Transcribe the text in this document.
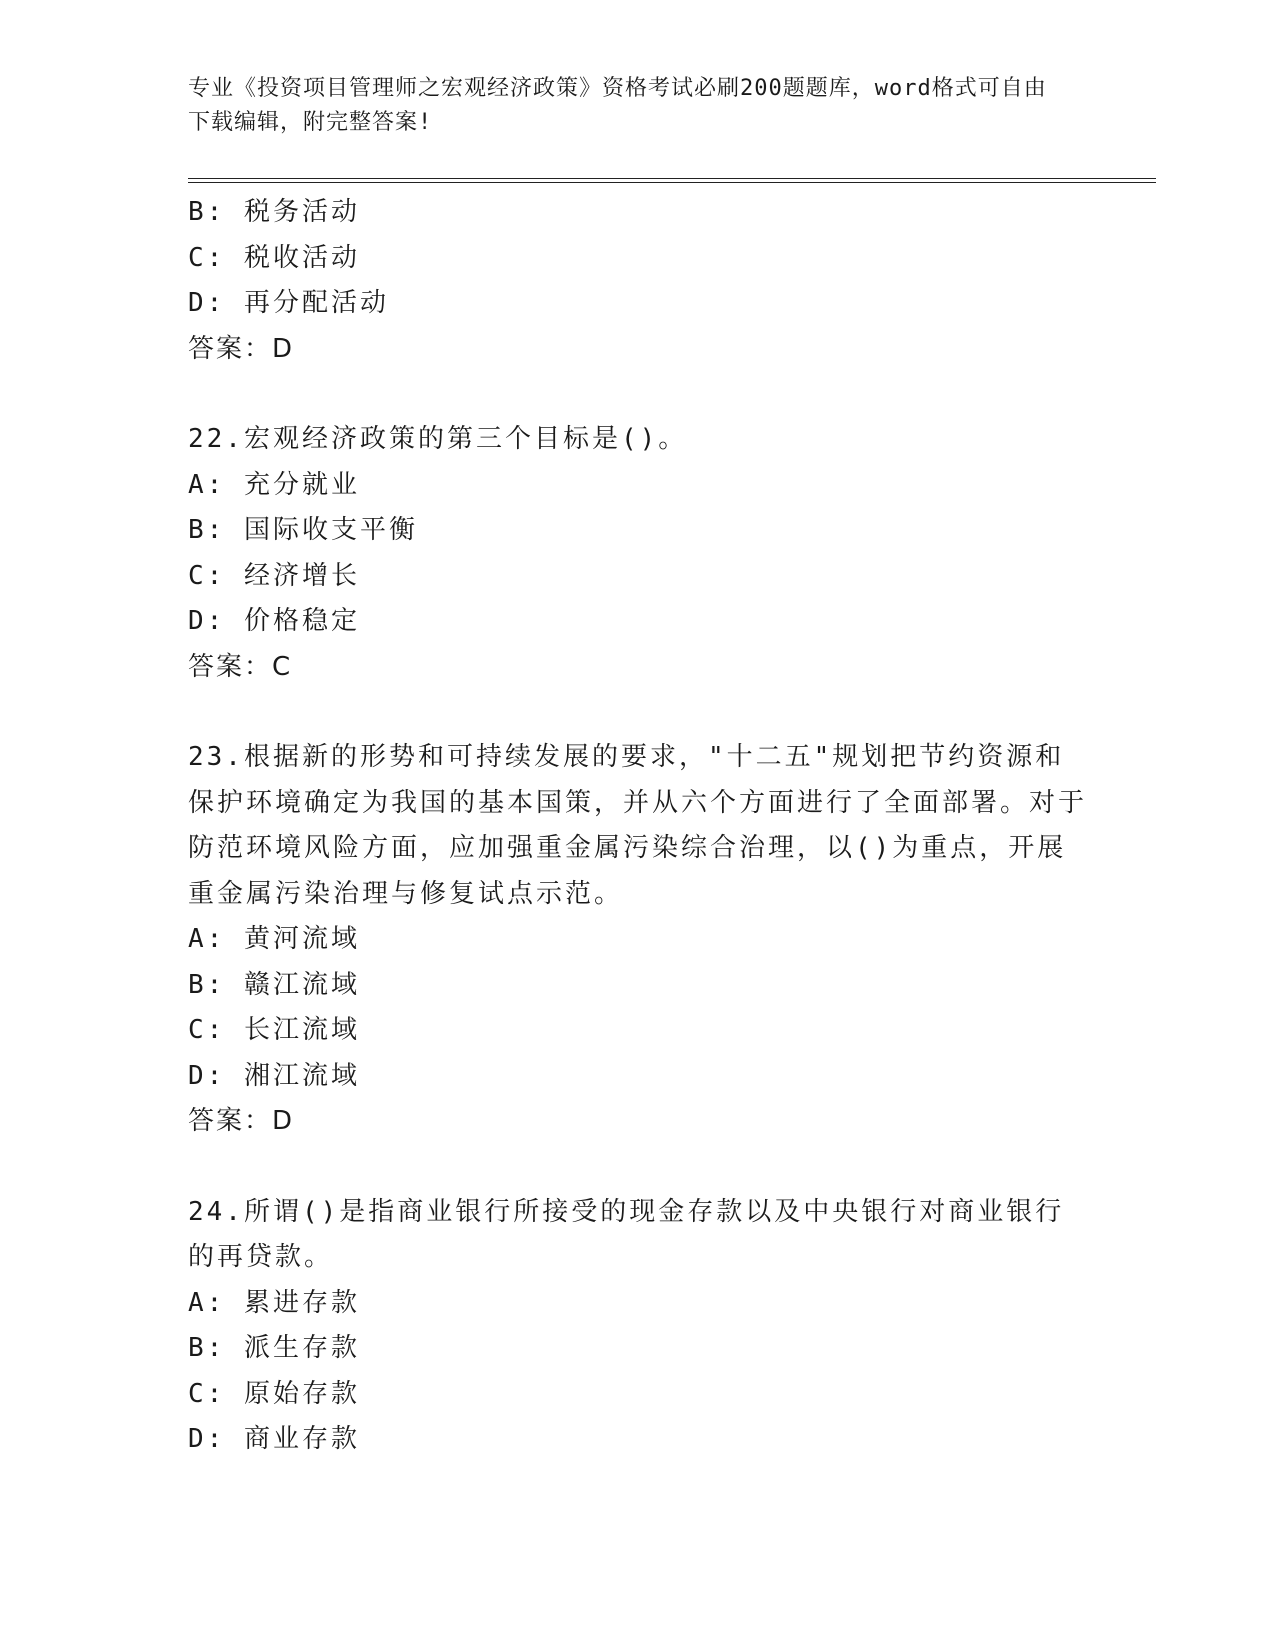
专业《投资项目管理师之宏观经济政策》资格考试必刷200题题库，word格式可自由下载编辑，附完整答案!
B: 税务活动
C: 税收活动
D: 再分配活动
答案：D
22.宏观经济政策的第三个目标是()。
A: 充分就业
B: 国际收支平衡
C: 经济增长
D: 价格稳定
答案：C
23.根据新的形势和可持续发展的要求，"十二五"规划把节约资源和保护环境确定为我国的基本国策，并从六个方面进行了全面部署。对于防范环境风险方面，应加强重金属污染综合治理，以()为重点，开展重金属污染治理与修复试点示范。
A: 黄河流域
B: 赣江流域
C: 长江流域
D: 湘江流域
答案：D
24.所谓()是指商业银行所接受的现金存款以及中央银行对商业银行的再贷款。
A: 累进存款
B: 派生存款
C: 原始存款
D: 商业存款
